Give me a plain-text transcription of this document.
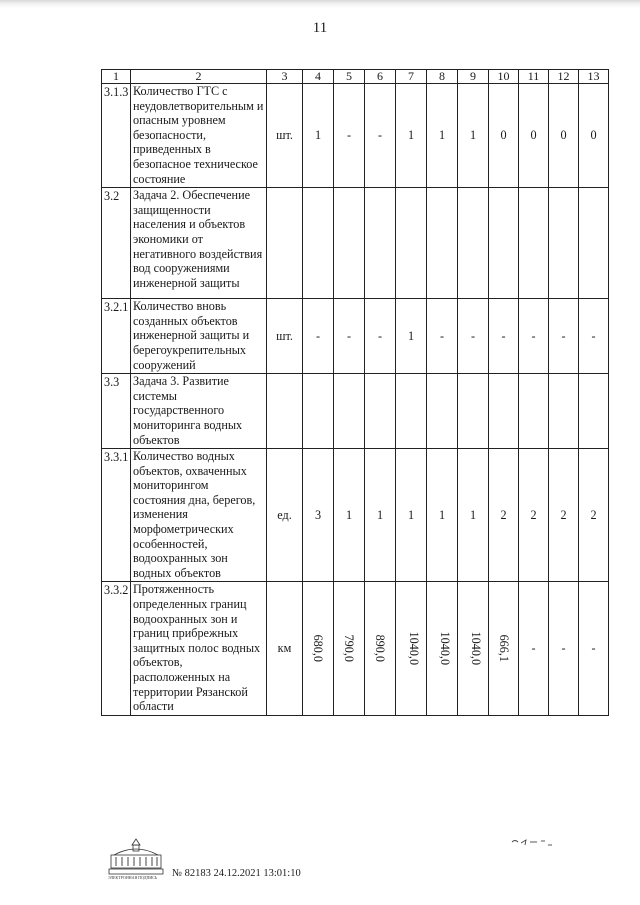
11
1	2	3	4	5	6	7	8	9	10	11	12	13
3.1.3	Количество ГТС с неудовлетворительным и опасным уровнем безопасности, приведенных в безопасное техническое состояние	шт.	1	-	-	1	1	1	0	0	0	0
3.2	Задача 2. Обеспечение защищенности населения и объектов экономики от негативного воздействия вод сооружениями инженерной защиты											
3.2.1	Количество вновь созданных объектов инженерной защиты и берегоукрепительных сооружений	шт.	-	-	-	1	-	-	-	-	-	-
3.3	Задача 3. Развитие системы государственного мониторинга водных объектов											
3.3.1	Количество водных объектов, охваченных мониторингом состояния дна, берегов, изменения морфометрических особенностей, водоохранных зон водных объектов	ед.	3	1	1	1	1	1	2	2	2	2
3.3.2	Протяженность определенных границ водоохранных зон и границ прибрежных защитных полос водных объектов, расположенных на территории Рязанской области	км	680,0	790,0	890,0	1040,0	1040,0	1040,0	666,1	-	-	-
ЭЛЕКТРОННАЯ ПОДПИСЬ	№ 82183 24.12.2021 13:01:10
